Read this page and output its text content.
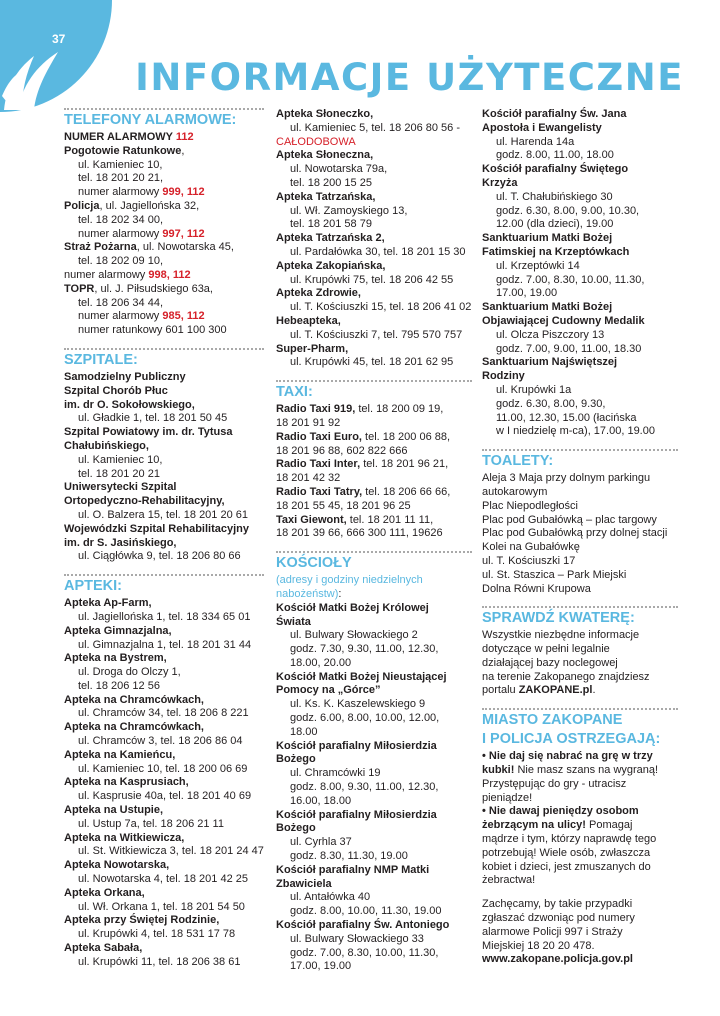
37
INFORMACJE UŻYTECZNE
TELEFONY ALARMOWE:
NUMER ALARMOWY 112
Pogotowie Ratunkowe,
ul. Kamieniec 10,
tel. 18 201 20 21,
numer alarmowy 999, 112
Policja, ul. Jagiellońska 32,
tel. 18 202 34 00,
numer alarmowy 997, 112
Straż Pożarna, ul. Nowotarska 45,
tel. 18 202 09 10,
numer alarmowy 998, 112
TOPR, ul. J. Piłsudskiego 63a,
tel. 18 206 34 44,
numer alarmowy 985, 112
numer ratunkowy 601 100 300
SZPITALE:
Samodzielny Publiczny
Szpital Chorób Płuc
im. dr O. Sokołowskiego,
ul. Gładkie 1, tel. 18 201 50 45
Szpital Powiatowy im. dr. Tytusa
Chałubińskiego,
ul. Kamieniec 10,
tel. 18 201 20 21
Uniwersytecki Szpital
Ortopedyczno-Rehabilitacyjny,
ul. O. Balzera 15, tel. 18 201 20 61
Wojewódzki Szpital Rehabilitacyjny
im. dr S. Jasińskiego,
ul. Ciągłówka 9, tel. 18 206 80 66
APTEKI:
Apteka Ap-Farm,
ul. Jagiellońska 1, tel. 18 334 65 01
Apteka Gimnazjalna,
ul. Gimnazjalna 1, tel. 18 201 31 44
Apteka na Bystrem,
ul. Droga do Olczy 1,
tel. 18 206 12 56
Apteka na Chramcówkach,
ul. Chramców 34, tel. 18 206 8 221
Apteka na Chramcówkach,
ul. Chramców 3, tel. 18 206 86 04
Apteka na Kamieńcu,
ul. Kamieniec 10, tel. 18 200 06 69
Apteka na Kasprusiach,
ul. Kasprusie 40a, tel. 18 201 40 69
Apteka na Ustupie,
ul. Ustup 7a, tel. 18 206 21 11
Apteka na Witkiewicza,
ul. St. Witkiewicza 3, tel. 18 201 24 47
Apteka Nowotarska,
ul. Nowotarska 4, tel. 18 201 42 25
Apteka Orkana,
ul. Wł. Orkana 1, tel. 18 201 54 50
Apteka przy Świętej Rodzinie,
ul. Krupówki 4, tel. 18 531 17 78
Apteka Sabała,
ul. Krupówki 11, tel. 18 206 38 61
Apteka Słoneczko,
ul. Kamieniec 5, tel. 18 206 80 56 -
CAŁODOBOWA
Apteka Słoneczna,
ul. Nowotarska 79a,
tel. 18 200 15 25
Apteka Tatrzańska,
ul. Wł. Zamoyskiego 13,
tel. 18 201 58 79
Apteka Tatrzańska 2,
ul. Pardałówka 30, tel. 18 201 15 30
Apteka Zakopiańska,
ul. Krupówki 75, tel. 18 206 42 55
Apteka Zdrowie,
ul. T. Kościuszki 15, tel. 18 206 41 02
Hebeapteka,
ul. T. Kościuszki 7, tel. 795 570 757
Super-Pharm,
ul. Krupówki 45, tel. 18 201 62 95
TAXI:
Radio Taxi 919, tel. 18 200 09 19,
18 201 91 92
Radio Taxi Euro, tel. 18 200 06 88,
18 201 96 88, 602 822 666
Radio Taxi Inter, tel. 18 201 96 21,
18 201 42 32
Radio Taxi Tatry, tel. 18 206 66 66,
18 201 55 45, 18 201 96 25
Taxi Giewont, tel. 18 201 11 11,
18 201 39 66, 666 300 111, 19626
KOŚCIOŁY
(adresy i godziny niedzielnych
nabożeństw):
Kościół Matki Bożej Królowej
Świata
ul. Bulwary Słowackiego 2
godz. 7.30, 9.30, 11.00, 12.30,
18.00, 20.00
Kościół Matki Bożej Nieustającej
Pomocy na „Górce”
ul. Ks. K. Kaszelewskiego 9
godz. 6.00, 8.00, 10.00, 12.00,
18.00
Kościół parafialny Miłosierdzia
Bożego
ul. Chramcówki 19
godz. 8.00, 9.30, 11.00, 12.30,
16.00, 18.00
Kościół parafialny Miłosierdzia
Bożego
ul. Cyrhla 37
godz. 8.30, 11.30, 19.00
Kościół parafialny NMP Matki
Zbawiciela
ul. Antałówka 40
godz. 8.00, 10.00, 11.30, 19.00
Kościół parafialny Św. Antoniego
ul. Bulwary Słowackiego 33
godz. 7.00, 8.30, 10.00, 11.30,
17.00, 19.00
Kościół parafialny Św. Jana
Apostoła i Ewangelisty
ul. Harenda 14a
godz. 8.00, 11.00, 18.00
Kościół parafialny Świętego
Krzyża
ul. T. Chałubińskiego 30
godz. 6.30, 8.00, 9.00, 10.30,
12.00 (dla dzieci), 19.00
Sanktuarium Matki Bożej
Fatimskiej na Krzeptówkach
ul. Krzeptówki 14
godz. 7.00, 8.30, 10.00, 11.30,
17.00, 19.00
Sanktuarium Matki Bożej
Objawiającej Cudowny Medalik
ul. Olcza Piszczory 13
godz. 7.00, 9.00, 11.00, 18.30
Sanktuarium Najświętszej
Rodziny
ul. Krupówki 1a
godz. 6.30, 8.00, 9.30,
11.00, 12.30, 15.00 (łacińska
w I niedzielę m-ca), 17.00, 19.00
TOALETY:
Aleja 3 Maja przy dolnym parkingu
autokarowym
Plac Niepodległości
Plac pod Gubałówką – plac targowy
Plac pod Gubałówką przy dolnej stacji
Kolei na Gubałówkę
ul. T. Kościuszki 17
ul. St. Staszica – Park Miejski
Dolna Równi Krupowa
SPRAWDŹ KWATERĘ:
Wszystkie niezbędne informacje
dotyczące w pełni legalnie
działającej bazy noclegowej
na terenie Zakopanego znajdziesz
portalu ZAKOPANE.pl.
MIASTO ZAKOPANE
I POLICJA OSTRZEGAJĄ:
• Nie daj się nabrać na grę w trzy
kubki! Nie masz szans na wygraną!
Przystępując do gry - utracisz
pieniądze!
• Nie dawaj pieniędzy osobom
żebrzącym na ulicy! Pomagaj
mądrze i tym, którzy naprawdę tego
potrzebują! Wiele osób, zwłaszcza
kobiet i dzieci, jest zmuszanych do
żebractwa!
Zachęcamy, by takie przypadki
zgłaszać dzwoniąc pod numery
alarmowe Policji 997 i Straży
Miejskiej 18 20 20 478.
www.zakopane.policja.gov.pl
